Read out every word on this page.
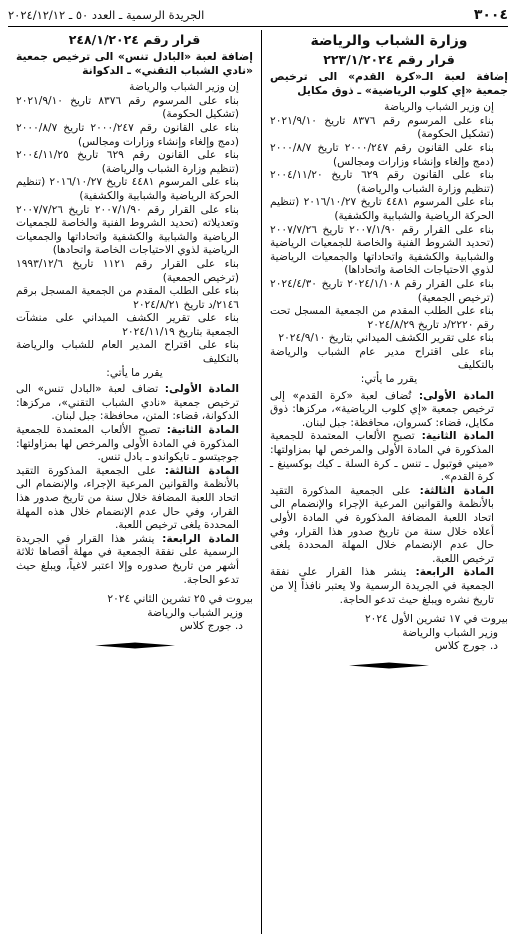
٣٠٠٤
الجريدة الرسمية ـ العدد ٥٠ ـ ٢٠٢٤/١٢/١٢
وزارة الشباب والرياضة
قرار رقم ٢٢٣/١/٢٠٢٤

إضافة لعبة الـ«كرة القدم» الى ترخيص جمعية «إي كلوب الرياضية» ـ ذوق مكايل

إن وزير الشباب والرياضة

بناء على المرسوم رقم ٨٣٧٦ تاريخ ٢٠٢١/٩/١٠ (تشكيل الحكومة)

بناء على القانون رقم ٢٠٠٠/٢٤٧ تاريخ ٢٠٠٠/٨/٧ (دمج وإلغاء وإنشاء وزارات ومجالس)

بناء على القانون رقم ٦٢٩ تاريخ ٢٠٠٤/١١/٢٠ (تنظيم وزارة الشباب والرياضة)

بناء على المرسوم ٤٤٨١ تاريخ ٢٠١٦/١٠/٢٧ (تنظيم الحركة الرياضية والشبابية والكشفية)

بناء على القرار رقم ٢٠٠٧/١/٩٠ تاريخ ٢٠٠٧/٧/٢٦ (تحديد الشروط الفنية والخاصة للجمعيات الرياضية والشبابية والكشفية واتحاداتها والجمعيات الرياضية لذوي الاحتياجات الخاصة واتحاداها)

بناء على القرار رقم ٢٠٢٤/١/١٠٨ تاريخ ٢٠٢٤/٤/٣٠ (ترخيص الجمعية)

بناء على الطلب المقدم من الجمعية المسجل تحت رقم ٢٢٢٠/د تاريخ ٢٠٢٤/٨/٢٩

بناء على تقرير الكشف الميداني بتاريخ ٢٠٢٤/٩/١٠

بناء على اقتراح مدير عام الشباب والرياضة بالتكليف

يقرر ما يأتي:

المادة الأولى: تُضاف لعبة «كرة القدم» إلى ترخيص جمعية «إي كلوب الرياضية»، مركزها: ذوق مكايل، قضاء: كسروان، محافظة: جبل لبنان.

المادة الثانية: تصبح الألعاب المعتمدة للجمعية المذكورة في المادة الأولى والمرخص لها بمزاولتها: «ميني فوتبول ـ تنس ـ كرة السلة ـ كيك بوكسينغ ـ كرة القدم».

المادة الثالثة: على الجمعية المذكورة التقيد بالأنظمة والقوانين المرعية الإجراء والإنضمام الى اتحاد اللعبة المضافة المذكورة في المادة الأولى أعلاه خلال سنة من تاريخ صدور هذا القرار، وفي حال عدم الإنضمام خلال المهلة المحددة يلغى ترخيص اللعبة.

المادة الرابعة: ينشر هذا القرار على نفقة الجمعية في الجريدة الرسمية ولا يعتبر نافذاً إلا من تاريخ نشره ويبلغ حيث تدعو الحاجة.

بيروت في ١٧ تشرين الأول ٢٠٢٤

وزير الشباب والرياضة

د. جورج كلاس

قرار رقم ٢٤٨/١/٢٠٢٤

إضافة لعبة «البادل تنس» الى ترخيص جمعية «نادي الشباب التقني» ـ الدكوانة

إن وزير الشباب والرياضة

بناء على المرسوم رقم ٨٣٧٦ تاريخ ٢٠٢١/٩/١٠ (تشكيل الحكومة)

بناء على القانون رقم ٢٠٠٠/٢٤٧ تاريخ ٢٠٠٠/٨/٧ (دمج وإلغاء وإنشاء وزارات ومجالس)

بناء على القانون رقم ٦٢٩ تاريخ ٢٠٠٤/١١/٢٥ (تنظيم وزارة الشباب والرياضة)

بناء على المرسوم ٤٤٨١ تاريخ ٢٠١٦/١٠/٢٧ (تنظيم الحركة الرياضية والشبابية والكشفية)

بناء على القرار رقم ٢٠٠٧/١/٩٠ تاريخ ٢٠٠٧/٧/٢٦ وتعديلاته (تحديد الشروط الفنية والخاصة للجمعيات الرياضية والشبابية والكشفية واتحاداتها والجمعيات الرياضية لذوي الاحتياجات الخاصة واتحادها)

بناء على القرار رقم ١١٢١ تاريخ ١٩٩٣/١٢/٦ (ترخيص الجمعية)

بناء على الطلب المقدم من الجمعية المسجل برقم ٢١٤٦/د تاريخ ٢٠٢٤/٨/٢١

بناء على تقرير الكشف الميداني على منشآت الجمعية بتاريخ ٢٠٢٤/١١/١٩

بناء على اقتراح المدير العام للشباب والرياضة بالتكليف

يقرر ما يأتي:

المادة الأولى: تضاف لعبة «البادل تنس» الى ترخيص جمعية «نادي الشباب التقني»، مركزها: الدكوانة، قضاء: المتن، محافظة: جبل لبنان.

المادة الثانية: تصبح الألعاب المعتمدة للجمعية المذكورة في المادة الأولى والمرخص لها بمزاولتها: جوجيتسو ـ تايكواندو ـ بادل تنس.

المادة الثالثة: على الجمعية المذكورة التقيد بالأنظمة والقوانين المرعية الإجراء، والإنضمام الى اتحاد اللعبة المضافة خلال سنة من تاريخ صدور هذا القرار، وفي حال عدم الإنضمام خلال هذه المهلة المحددة يلغى ترخيص اللعبة.

المادة الرابعة: ينشر هذا القرار في الجريدة الرسمية على نفقة الجمعية في مهلة أقصاها ثلاثة أشهر من تاريخ صدوره وإلا اعتبر لاغياً، ويبلغ حيث تدعو الحاجة.

بيروت في ٢٥ تشرين الثاني ٢٠٢٤

وزير الشباب والرياضة

د. جورج كلاس
